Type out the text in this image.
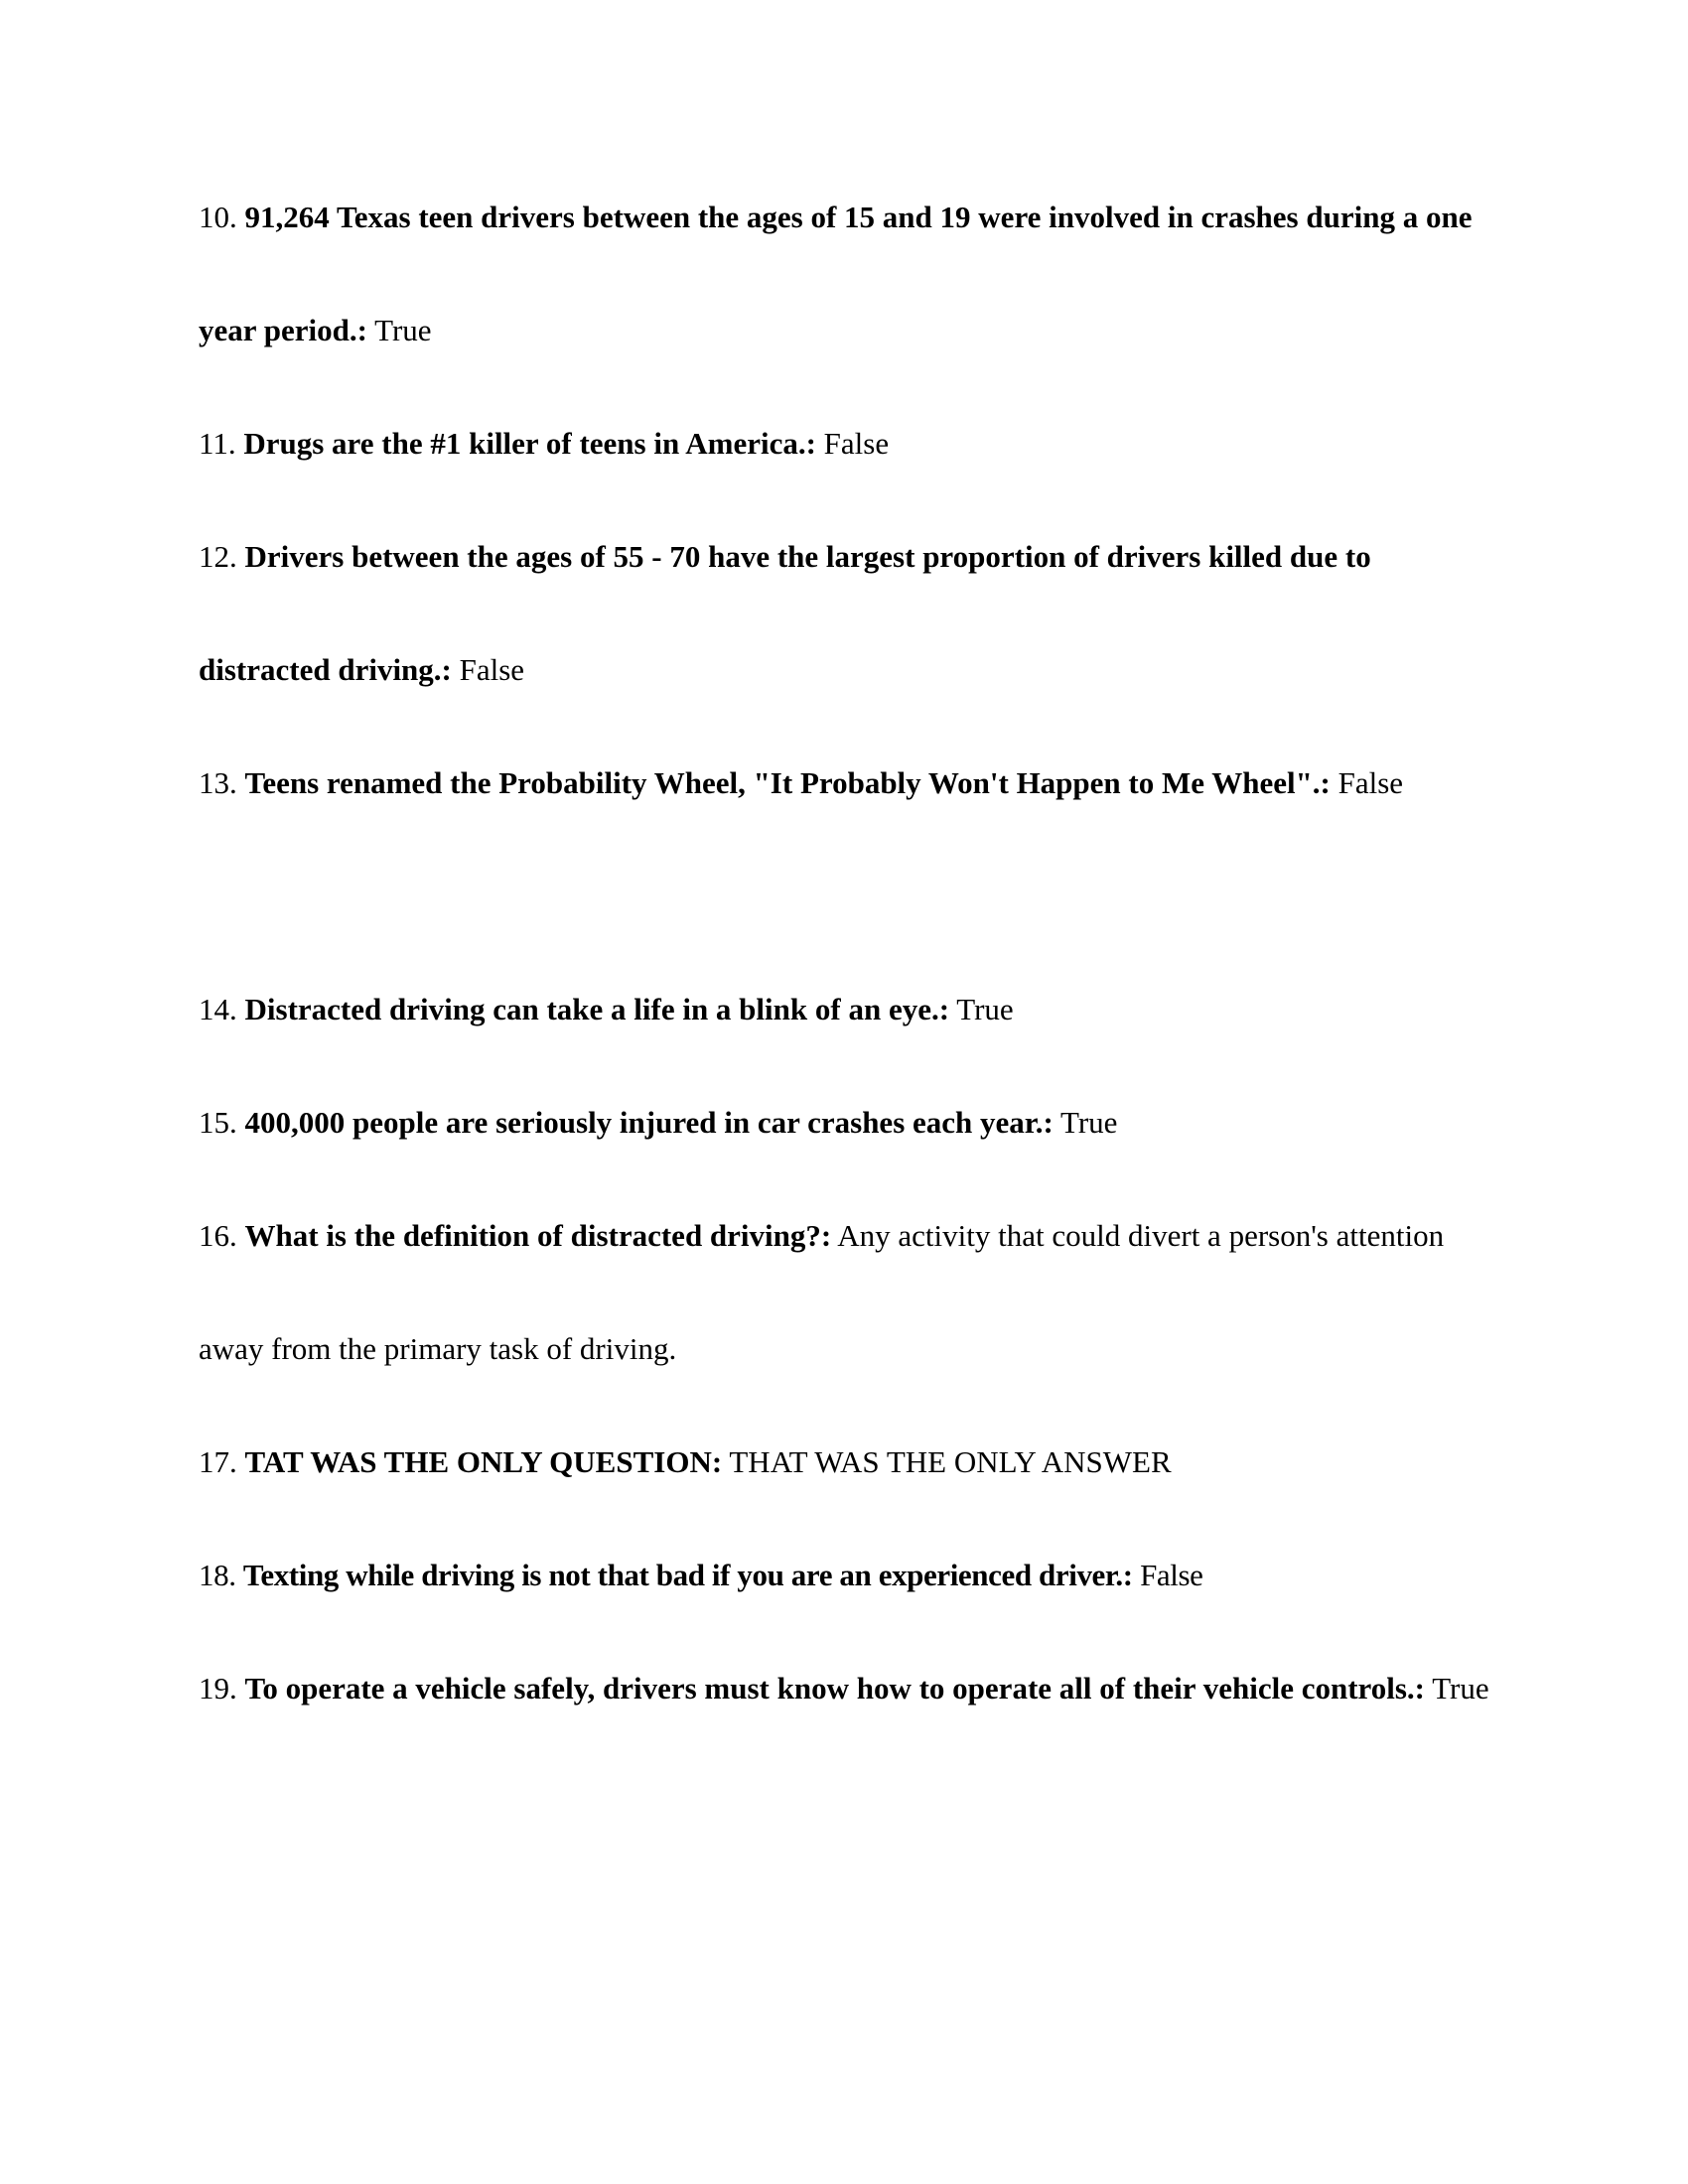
10. 91,264 Texas teen drivers between the ages of 15 and 19 were involved in crashes during a one year period.: True

11. Drugs are the #1 killer of teens in America.: False

12. Drivers between the ages of 55 - 70 have the largest proportion of drivers killed due to distracted driving.: False

13. Teens renamed the Probability Wheel, "It Probably Won't Happen to Me Wheel".: False

14. Distracted driving can take a life in a blink of an eye.: True

15. 400,000 people are seriously injured in car crashes each year.: True

16. What is the definition of distracted driving?: Any activity that could divert a person's attention away from the primary task of driving.

17. TAT WAS THE ONLY QUESTION: THAT WAS THE ONLY ANSWER

18. Texting while driving is not that bad if you are an experienced driver.: False

19. To operate a vehicle safely, drivers must know how to operate all of their vehicle controls.: True
